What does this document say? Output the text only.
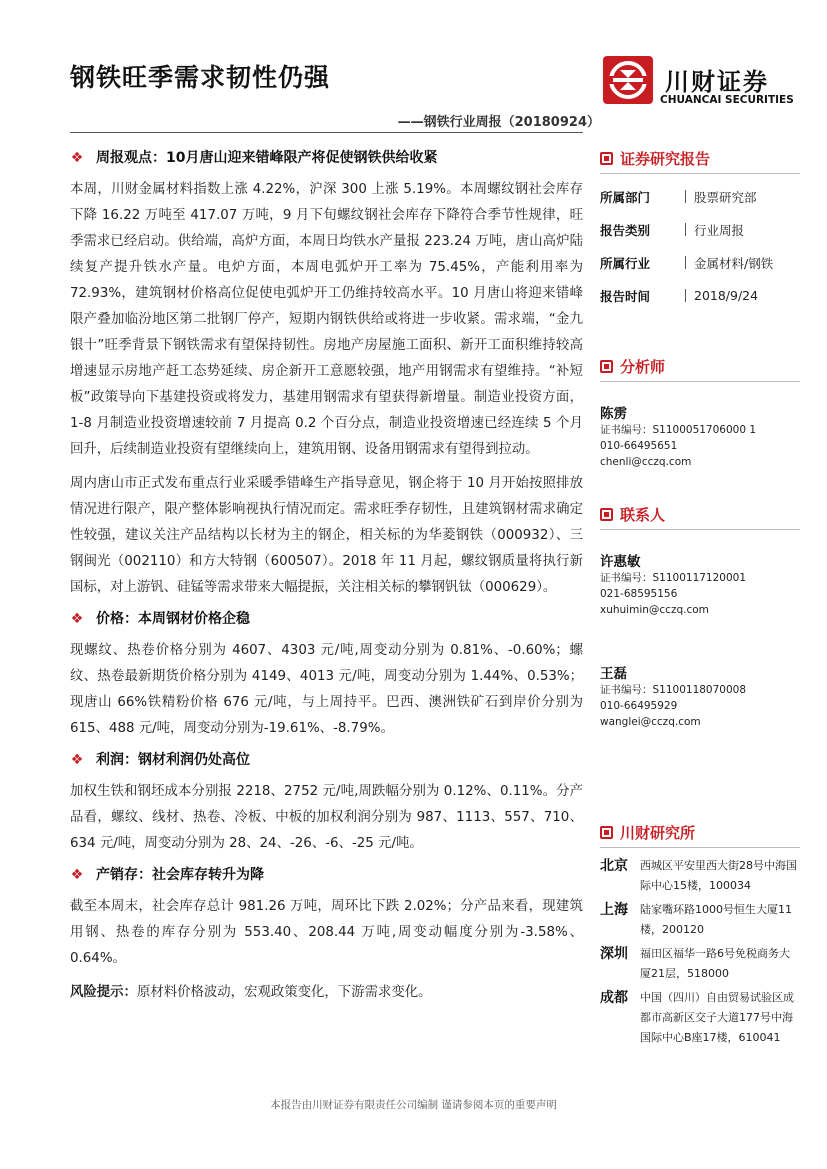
钢铁旺季需求韧性仍强
——钢铁行业周报（20180924）
川财证券
CHUANCAI SECURITIES
❖ 周报观点：10月唐山迎来错峰限产将促使钢铁供给收紧

本周，川财金属材料指数上涨 4.22%，沪深 300 上涨 5.19%。本周螺纹钢社会库存下降 16.22 万吨至 417.07 万吨，9 月下旬螺纹钢社会库存下降符合季节性规律，旺季需求已经启动。供给端，高炉方面，本周日均铁水产量报 223.24 万吨，唐山高炉陆续复产提升铁水产量。电炉方面，本周电弧炉开工率为 75.45%，产能利用率为 72.93%，建筑钢材价格高位促使电弧炉开工仍维持较高水平。10 月唐山将迎来错峰限产叠加临汾地区第二批钢厂停产，短期内钢铁供给或将进一步收紧。需求端，“金九银十”旺季背景下钢铁需求有望保持韧性。房地产房屋施工面积、新开工面积维持较高增速显示房地产赶工态势延续、房企新开工意愿较强，地产用钢需求有望维持。“补短板”政策导向下基建投资或将发力，基建用钢需求有望获得新增量。制造业投资方面，1-8 月制造业投资增速较前 7 月提高 0.2 个百分点，制造业投资增速已经连续 5 个月回升，后续制造业投资有望继续向上，建筑用钢、设备用钢需求有望得到拉动。

周内唐山市正式发布重点行业采暖季错峰生产指导意见，钢企将于 10 月开始按照排放情况进行限产，限产整体影响视执行情况而定。需求旺季存韧性，且建筑钢材需求确定性较强，建议关注产品结构以长材为主的钢企，相关标的为华菱钢铁（000932）、三钢闽光（002110）和方大特钢（600507）。2018 年 11 月起，螺纹钢质量将执行新国标，对上游钒、硅锰等需求带来大幅提振，关注相关标的攀钢钒钛（000629）。

❖ 价格：本周钢材价格企稳

现螺纹、热卷价格分别为 4607、4303 元/吨,周变动分别为 0.81%、-0.60%；螺纹、热卷最新期货价格分别为 4149、4013 元/吨，周变动分别为 1.44%、0.53%；现唐山 66%铁精粉价格 676 元/吨，与上周持平。巴西、澳洲铁矿石到岸价分别为 615、488 元/吨，周变动分别为-19.61%、-8.79%。

❖ 利润：钢材利润仍处高位

加权生铁和钢坯成本分别报 2218、2752 元/吨,周跌幅分别为 0.12%、0.11%。分产品看，螺纹、线材、热卷、冷板、中板的加权利润分别为 987、1113、557、710、634 元/吨，周变动分别为 28、24、-26、-6、-25 元/吨。

❖ 产销存：社会库存转升为降

截至本周末，社会库存总计 981.26 万吨，周环比下跌 2.02%；分产品来看，现建筑用钢、热卷的库存分别为 553.40、208.44 万吨,周变动幅度分别为-3.58%、0.64%。

风险提示：原材料价格波动，宏观政策变化，下游需求变化。

证券研究报告
所属部门	股票研究部
报告类别	行业周报
所属行业	金属材料/钢铁
报告时间	2018/9/24
分析师
陈雳
证书编号：S1100051706000 1
010-66495651
chenli@cczq.com
联系人
许惠敏
证书编号：S1100117120001
021-68595156
xuhuimin@cczq.com
王磊
证书编号：S1100118070008
010-66495929
wanglei@cczq.com
川财研究所
北京	西城区平安里西大街28号中海国际中心15楼，100034
上海	陆家嘴环路1000号恒生大厦11楼，200120
深圳	福田区福华一路6号免税商务大厦21层，518000
成都	中国（四川）自由贸易试验区成都市高新区交子大道177号中海国际中心B座17楼，610041
本报告由川财证券有限责任公司编制 谨请参阅本页的重要声明
